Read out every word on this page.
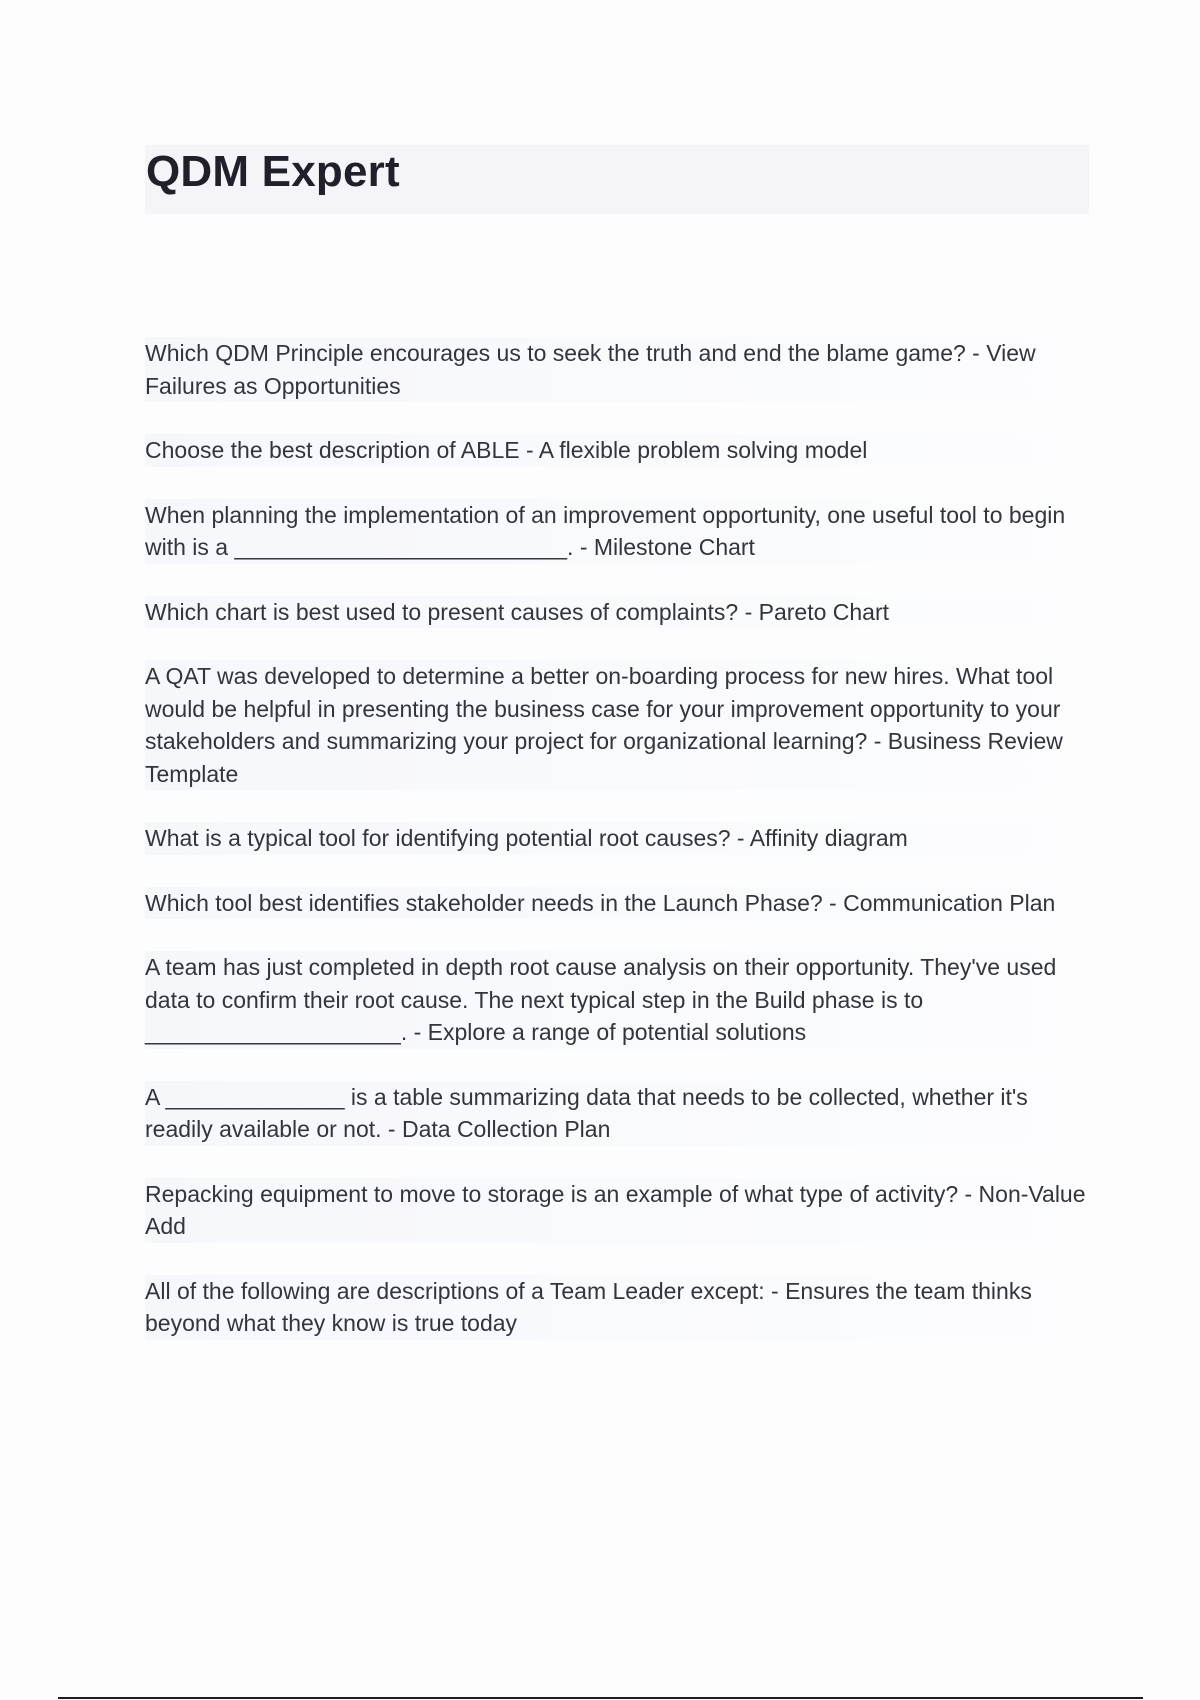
QDM Expert

Which QDM Principle encourages us to seek the truth and end the blame game? - View Failures as Opportunities

Choose the best description of ABLE - A flexible problem solving model

When planning the implementation of an improvement opportunity, one useful tool to begin with is a __________________________. - Milestone Chart

Which chart is best used to present causes of complaints? - Pareto Chart

A QAT was developed to determine a better on-boarding process for new hires. What tool would be helpful in presenting the business case for your improvement opportunity to your stakeholders and summarizing your project for organizational learning? - Business Review Template

What is a typical tool for identifying potential root causes? - Affinity diagram

Which tool best identifies stakeholder needs in the Launch Phase? - Communication Plan

A team has just completed in depth root cause analysis on their opportunity. They've used data to confirm their root cause. The next typical step in the Build phase is to ____________________. - Explore a range of potential solutions

A ______________ is a table summarizing data that needs to be collected, whether it's readily available or not. - Data Collection Plan

Repacking equipment to move to storage is an example of what type of activity? - Non-Value Add

All of the following are descriptions of a Team Leader except: - Ensures the team thinks beyond what they know is true today
